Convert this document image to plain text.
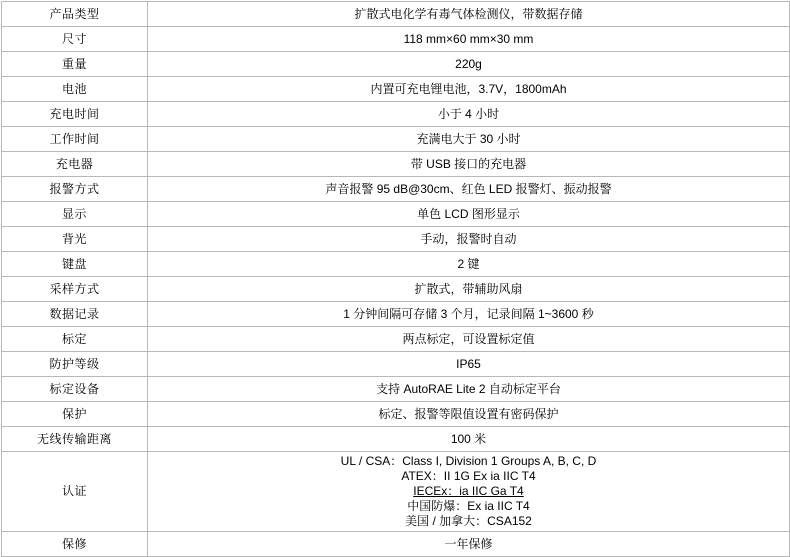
产品类型	扩散式电化学有毒气体检测仪，带数据存储
尺寸	118 mm×60 mm×30 mm
重量	220g
电池	内置可充电锂电池，3.7V，1800mAh
充电时间	小于 4 小时
工作时间	充满电大于 30 小时
充电器	带 USB 接口的充电器
报警方式	声音报警 95 dB@30cm、红色 LED 报警灯、振动报警
显示	单色 LCD 图形显示
背光	手动，报警时自动
键盘	2 键
采样方式	扩散式，带辅助风扇
数据记录	1 分钟间隔可存储 3 个月，记录间隔 1~3600 秒
标定	两点标定，可设置标定值
防护等级	IP65
标定设备	支持 AutoRAE Lite 2 自动标定平台
保护	标定、报警等限值设置有密码保护
无线传输距离	100 米
认证	UL / CSA：Class I, Division 1 Groups A, B, C, D
ATEX：II 1G Ex ia IIC T4
IECEx：ia IIC Ga T4
中国防爆：Ex ia IIC T4
美国 / 加拿大：CSA152

保修	一年保修
